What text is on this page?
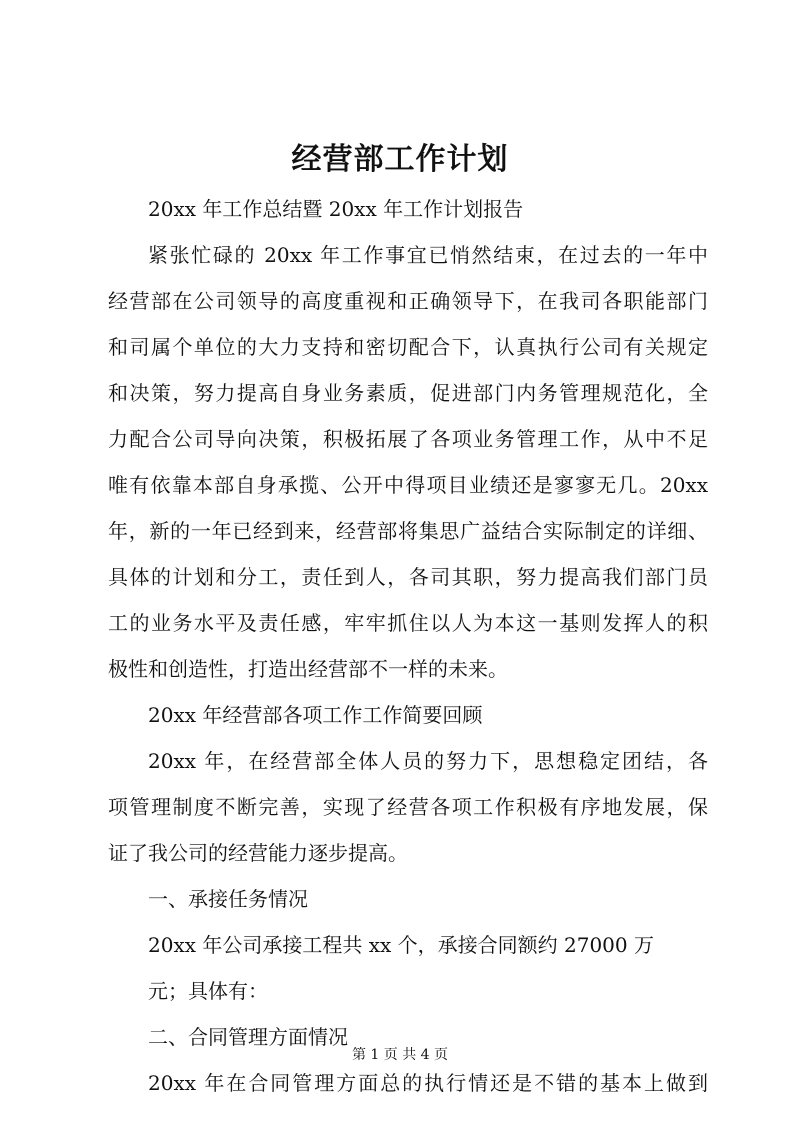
经营部工作计划
20xx 年工作总结暨 20xx 年工作计划报告
紧张忙碌的 20xx 年工作事宜已悄然结束，在过去的一年中
经营部在公司领导的高度重视和正确领导下，在我司各职能部门
和司属个单位的大力支持和密切配合下，认真执行公司有关规定
和决策，努力提高自身业务素质，促进部门内务管理规范化，全
力配合公司导向决策，积极拓展了各项业务管理工作，从中不足
唯有依靠本部自身承揽、公开中得项目业绩还是寥寥无几。20xx
年，新的一年已经到来，经营部将集思广益结合实际制定的详细、
具体的计划和分工，责任到人，各司其职，努力提高我们部门员
工的业务水平及责任感，牢牢抓住以人为本这一基则发挥人的积
极性和创造性，打造出经营部不一样的未来。
20xx 年经营部各项工作工作简要回顾
20xx 年，在经营部全体人员的努力下，思想稳定团结，各
项管理制度不断完善，实现了经营各项工作积极有序地发展，保
证了我公司的经营能力逐步提高。
一、承接任务情况
20xx 年公司承接工程共 xx 个，承接合同额约 27000 万
元；具体有：
二、合同管理方面情况
20xx 年在合同管理方面总的执行情还是不错的基本上做到
第 1 页 共 4 页
